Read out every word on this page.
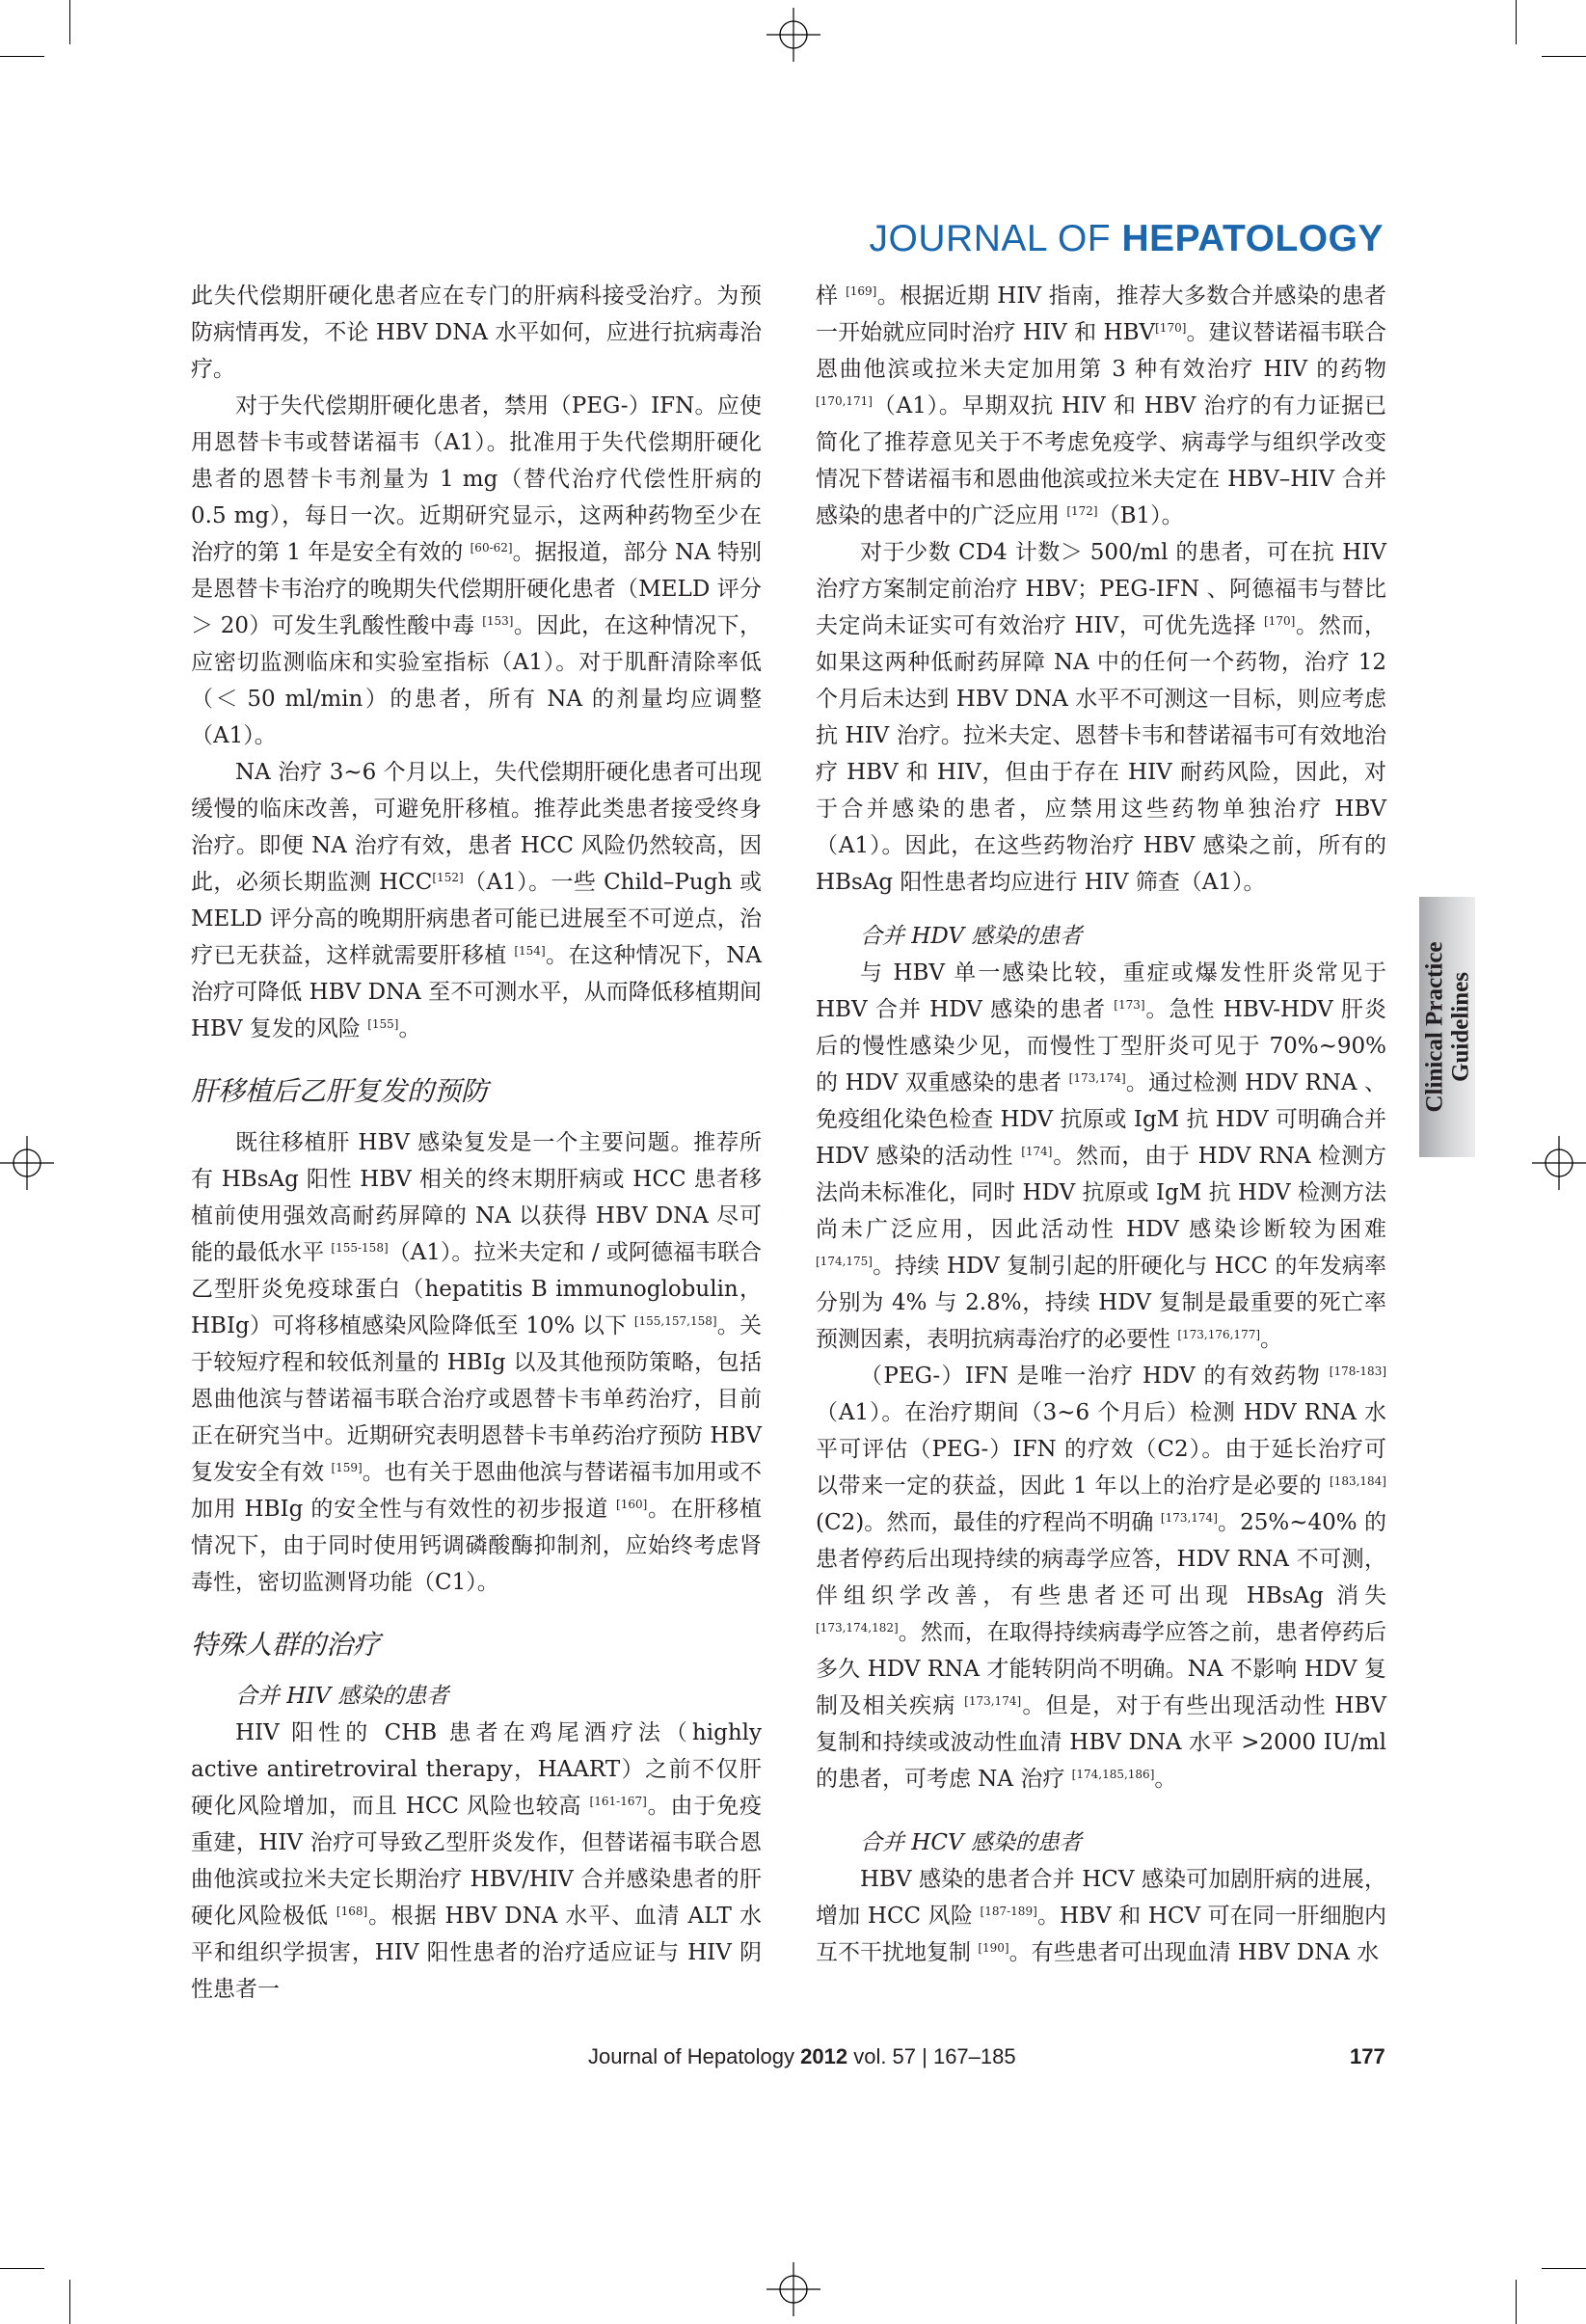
JOURNAL OF HEPATOLOGY

此失代偿期肝硬化患者应在专门的肝病科接受治疗。为预防病情再发，不论 HBV DNA 水平如何，应进行抗病毒治疗。

对于失代偿期肝硬化患者，禁用（PEG-）IFN。应使用恩替卡韦或替诺福韦（A1）。批准用于失代偿期肝硬化患者的恩替卡韦剂量为 1 mg（替代治疗代偿性肝病的 0.5 mg），每日一次。近期研究显示，这两种药物至少在治疗的第 1 年是安全有效的 [60-62]。据报道，部分 NA 特别是恩替卡韦治疗的晚期失代偿期肝硬化患者（MELD 评分＞ 20）可发生乳酸性酸中毒 [153]。因此，在这种情况下，应密切监测临床和实验室指标（A1）。对于肌酐清除率低（＜ 50 ml/min）的患者，所有 NA 的剂量均应调整（A1）。

NA 治疗 3~6 个月以上，失代偿期肝硬化患者可出现缓慢的临床改善，可避免肝移植。推荐此类患者接受终身治疗。即便 NA 治疗有效，患者 HCC 风险仍然较高，因此，必须长期监测 HCC[152]（A1）。一些 Child–Pugh 或 MELD 评分高的晚期肝病患者可能已进展至不可逆点，治疗已无获益，这样就需要肝移植 [154]。在这种情况下，NA 治疗可降低 HBV DNA 至不可测水平，从而降低移植期间 HBV 复发的风险 [155]。

肝移植后乙肝复发的预防

既往移植肝 HBV 感染复发是一个主要问题。推荐所有 HBsAg 阳性 HBV 相关的终末期肝病或 HCC 患者移植前使用强效高耐药屏障的 NA 以获得 HBV DNA 尽可能的最低水平 [155-158]（A1）。拉米夫定和 / 或阿德福韦联合乙型肝炎免疫球蛋白（hepatitis B immunoglobulin，HBIg）可将移植感染风险降低至 10% 以下 [155,157,158]。关于较短疗程和较低剂量的 HBIg 以及其他预防策略，包括恩曲他滨与替诺福韦联合治疗或恩替卡韦单药治疗，目前正在研究当中。近期研究表明恩替卡韦单药治疗预防 HBV 复发安全有效 [159]。也有关于恩曲他滨与替诺福韦加用或不加用 HBIg 的安全性与有效性的初步报道 [160]。在肝移植情况下，由于同时使用钙调磷酸酶抑制剂，应始终考虑肾毒性，密切监测肾功能（C1）。

特殊人群的治疗
合并 HIV 感染的患者

HIV 阳性的 CHB 患者在鸡尾酒疗法（highly active antiretroviral therapy，HAART）之前不仅肝硬化风险增加，而且 HCC 风险也较高 [161-167]。由于免疫重建，HIV 治疗可导致乙型肝炎发作，但替诺福韦联合恩曲他滨或拉米夫定长期治疗 HBV/HIV 合并感染患者的肝硬化风险极低 [168]。根据 HBV DNA 水平、血清 ALT 水平和组织学损害，HIV 阳性患者的治疗适应证与 HIV 阴性患者一

样 [169]。根据近期 HIV 指南，推荐大多数合并感染的患者一开始就应同时治疗 HIV 和 HBV[170]。建议替诺福韦联合恩曲他滨或拉米夫定加用第 3 种有效治疗 HIV 的药物 [170,171]（A1）。早期双抗 HIV 和 HBV 治疗的有力证据已简化了推荐意见关于不考虑免疫学、病毒学与组织学改变情况下替诺福韦和恩曲他滨或拉米夫定在 HBV–HIV 合并感染的患者中的广泛应用 [172]（B1）。

对于少数 CD4 计数＞ 500/ml 的患者，可在抗 HIV 治疗方案制定前治疗 HBV；PEG-IFN 、阿德福韦与替比夫定尚未证实可有效治疗 HIV，可优先选择 [170]。然而，如果这两种低耐药屏障 NA 中的任何一个药物，治疗 12 个月后未达到 HBV DNA 水平不可测这一目标，则应考虑抗 HIV 治疗。拉米夫定、恩替卡韦和替诺福韦可有效地治疗 HBV 和 HIV，但由于存在 HIV 耐药风险，因此，对于合并感染的患者，应禁用这些药物单独治疗 HBV（A1）。因此，在这些药物治疗 HBV 感染之前，所有的 HBsAg 阳性患者均应进行 HIV 筛查（A1）。

合并 HDV 感染的患者

与 HBV 单一感染比较，重症或爆发性肝炎常见于 HBV 合并 HDV 感染的患者 [173]。急性 HBV-HDV 肝炎后的慢性感染少见，而慢性丁型肝炎可见于 70%~90% 的 HDV 双重感染的患者 [173,174]。通过检测 HDV RNA 、免疫组化染色检查 HDV 抗原或 IgM 抗 HDV 可明确合并 HDV 感染的活动性 [174]。然而，由于 HDV RNA 检测方法尚未标准化，同时 HDV 抗原或 IgM 抗 HDV 检测方法尚未广泛应用，因此活动性 HDV 感染诊断较为困难 [174,175]。持续 HDV 复制引起的肝硬化与 HCC 的年发病率分别为 4% 与 2.8%，持续 HDV 复制是最重要的死亡率预测因素，表明抗病毒治疗的必要性 [173,176,177]。

（PEG-）IFN 是唯一治疗 HDV 的有效药物 [178-183]（A1）。在治疗期间（3~6 个月后）检测 HDV RNA 水平可评估（PEG-）IFN 的疗效（C2）。由于延长治疗可以带来一定的获益，因此 1 年以上的治疗是必要的 [183,184](C2)。然而，最佳的疗程尚不明确 [173,174]。25%~40% 的患者停药后出现持续的病毒学应答，HDV RNA 不可测，伴组织学改善，有些患者还可出现 HBsAg 消失 [173,174,182]。然而，在取得持续病毒学应答之前，患者停药后多久 HDV RNA 才能转阴尚不明确。NA 不影响 HDV 复制及相关疾病 [173,174]。但是，对于有些出现活动性 HBV 复制和持续或波动性血清 HBV DNA 水平 >2000 IU/ml 的患者，可考虑 NA 治疗 [174,185,186]。

合并 HCV 感染的患者

HBV 感染的患者合并 HCV 感染可加剧肝病的进展，增加 HCC 风险 [187-189]。HBV 和 HCV 可在同一肝细胞内互不干扰地复制 [190]。有些患者可出现血清 HBV DNA 水

Clinical Practice
Guidelines
Journal of Hepatology 2012 vol. 57 | 167–185	177
